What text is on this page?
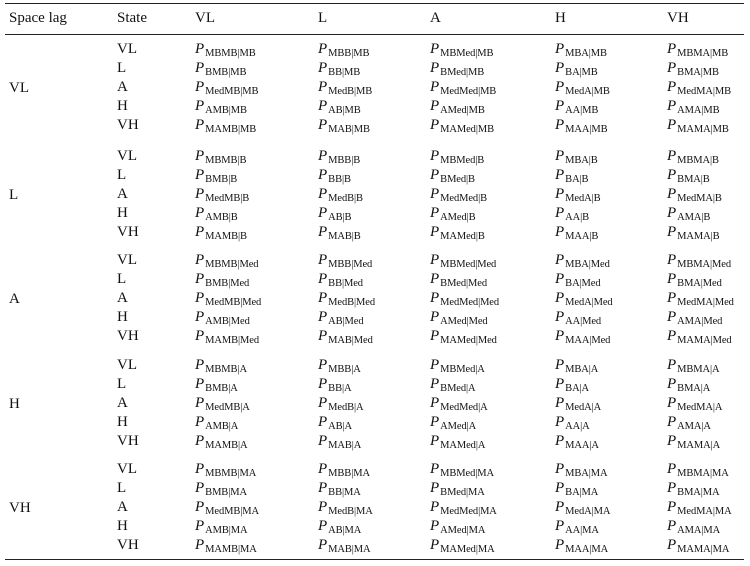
Space lag	State	VL	L	A	H	VH
VL
VL	$P_{MBMB|MB}$	$P_{MBB|MB}$	$P_{MBMed|MB}$	$P_{MBA|MB}$	$P_{MBMA|MB}$
L	$P_{BMB|MB}$	$P_{BB|MB}$	$P_{BMed|MB}$	$P_{BA|MB}$	$P_{BMA|MB}$
A	$P_{MedMB|MB}$	$P_{MedB|MB}$	$P_{MedMed|MB}$	$P_{MedA|MB}$	$P_{MedMA|MB}$
H	$P_{AMB|MB}$	$P_{AB|MB}$	$P_{AMed|MB}$	$P_{AA|MB}$	$P_{AMA|MB}$
VH	$P_{MAMB|MB}$	$P_{MAB|MB}$	$P_{MAMed|MB}$	$P_{MAA|MB}$	$P_{MAMA|MB}$
L
VL	$P_{MBMB|B}$	$P_{MBB|B}$	$P_{MBMed|B}$	$P_{MBA|B}$	$P_{MBMA|B}$
L	$P_{BMB|B}$	$P_{BB|B}$	$P_{BMed|B}$	$P_{BA|B}$	$P_{BMA|B}$
A	$P_{MedMB|B}$	$P_{MedB|B}$	$P_{MedMed|B}$	$P_{MedA|B}$	$P_{MedMA|B}$
H	$P_{AMB|B}$	$P_{AB|B}$	$P_{AMed|B}$	$P_{AA|B}$	$P_{AMA|B}$
VH	$P_{MAMB|B}$	$P_{MAB|B}$	$P_{MAMed|B}$	$P_{MAA|B}$	$P_{MAMA|B}$
A
VL	$P_{MBMB|Med}$	$P_{MBB|Med}$	$P_{MBMed|Med}$	$P_{MBA|Med}$	$P_{MBMA|Med}$
L	$P_{BMB|Med}$	$P_{BB|Med}$	$P_{BMed|Med}$	$P_{BA|Med}$	$P_{BMA|Med}$
A	$P_{MedMB|Med}$	$P_{MedB|Med}$	$P_{MedMed|Med}$	$P_{MedA|Med}$	$P_{MedMA|Med}$
H	$P_{AMB|Med}$	$P_{AB|Med}$	$P_{AMed|Med}$	$P_{AA|Med}$	$P_{AMA|Med}$
VH	$P_{MAMB|Med}$	$P_{MAB|Med}$	$P_{MAMed|Med}$	$P_{MAA|Med}$	$P_{MAMA|Med}$
H
VL	$P_{MBMB|A}$	$P_{MBB|A}$	$P_{MBMed|A}$	$P_{MBA|A}$	$P_{MBMA|A}$
L	$P_{BMB|A}$	$P_{BB|A}$	$P_{BMed|A}$	$P_{BA|A}$	$P_{BMA|A}$
A	$P_{MedMB|A}$	$P_{MedB|A}$	$P_{MedMed|A}$	$P_{MedA|A}$	$P_{MedMA|A}$
H	$P_{AMB|A}$	$P_{AB|A}$	$P_{AMed|A}$	$P_{AA|A}$	$P_{AMA|A}$
VH	$P_{MAMB|A}$	$P_{MAB|A}$	$P_{MAMed|A}$	$P_{MAA|A}$	$P_{MAMA|A}$
VH
VL	$P_{MBMB|MA}$	$P_{MBB|MA}$	$P_{MBMed|MA}$	$P_{MBA|MA}$	$P_{MBMA|MA}$
L	$P_{BMB|MA}$	$P_{BB|MA}$	$P_{BMed|MA}$	$P_{BA|MA}$	$P_{BMA|MA}$
A	$P_{MedMB|MA}$	$P_{MedB|MA}$	$P_{MedMed|MA}$	$P_{MedA|MA}$	$P_{MedMA|MA}$
H	$P_{AMB|MA}$	$P_{AB|MA}$	$P_{AMed|MA}$	$P_{AA|MA}$	$P_{AMA|MA}$
VH	$P_{MAMB|MA}$	$P_{MAB|MA}$	$P_{MAMed|MA}$	$P_{MAA|MA}$	$P_{MAMA|MA}$
